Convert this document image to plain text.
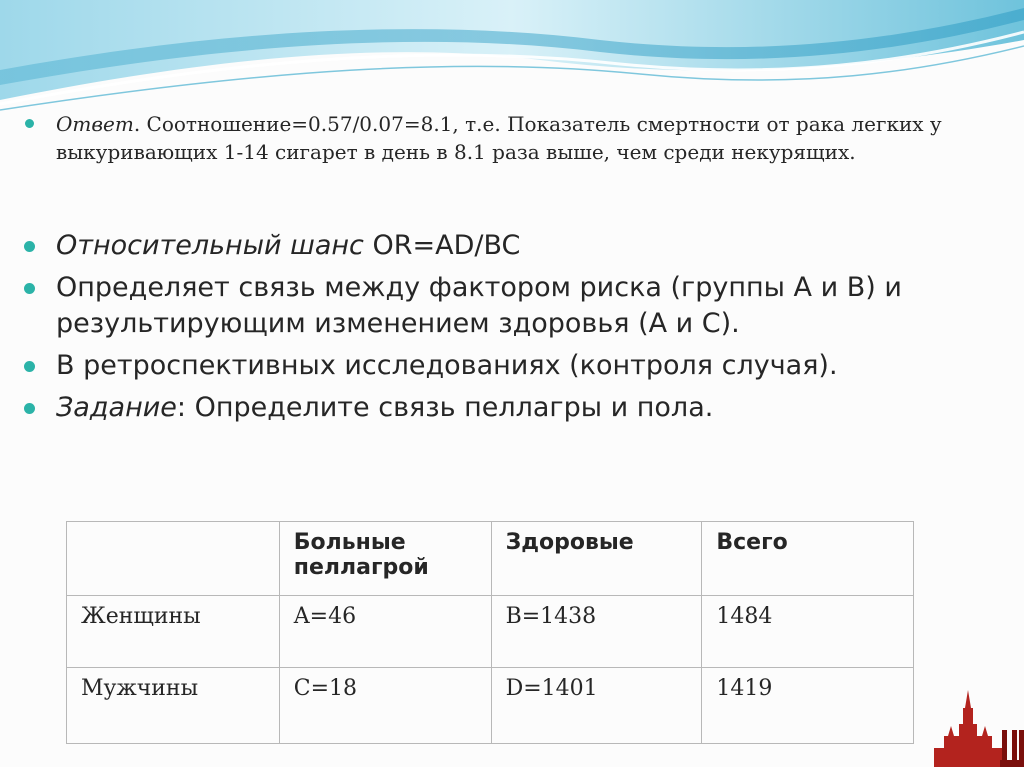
Ответ. Соотношение=0.57/0.07=8.1, т.е. Показатель смертности от рака легких у выкуривающих 1-14 сигарет в день в 8.1 раза выше, чем среди некурящих.
Относительный шанс OR=AD/BC
Определяет связь между фактором риска (группы А и В) и результирующим изменением здоровья (А и С).
В ретроспективных исследованиях (контроля случая).
Задание: Определите связь пеллагры и пола.
	Больные пеллагрой	Здоровые	Всего
Женщины	A=46	B=1438	1484
Мужчины	C=18	D=1401	1419
